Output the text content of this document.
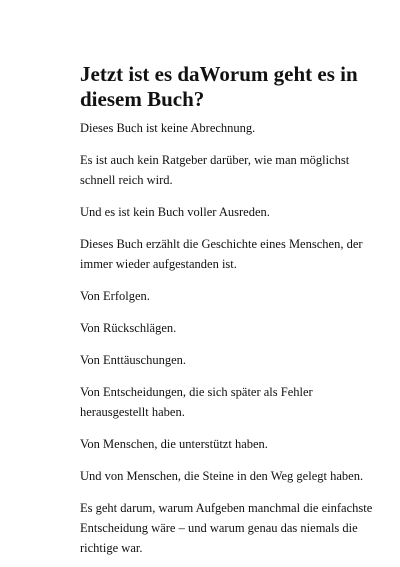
Jetzt ist es daWorum geht es in diesem Buch?

Dieses Buch ist keine Abrechnung.

Es ist auch kein Ratgeber darüber, wie man möglichst schnell reich wird.

Und es ist kein Buch voller Ausreden.

Dieses Buch erzählt die Geschichte eines Menschen, der immer wieder aufgestanden ist.

Von Erfolgen.

Von Rückschlägen.

Von Enttäuschungen.

Von Entscheidungen, die sich später als Fehler herausgestellt haben.

Von Menschen, die unterstützt haben.

Und von Menschen, die Steine in den Weg gelegt haben.

Es geht darum, warum Aufgeben manchmal die einfachste Entscheidung wäre – und warum genau das niemals die richtige war.
